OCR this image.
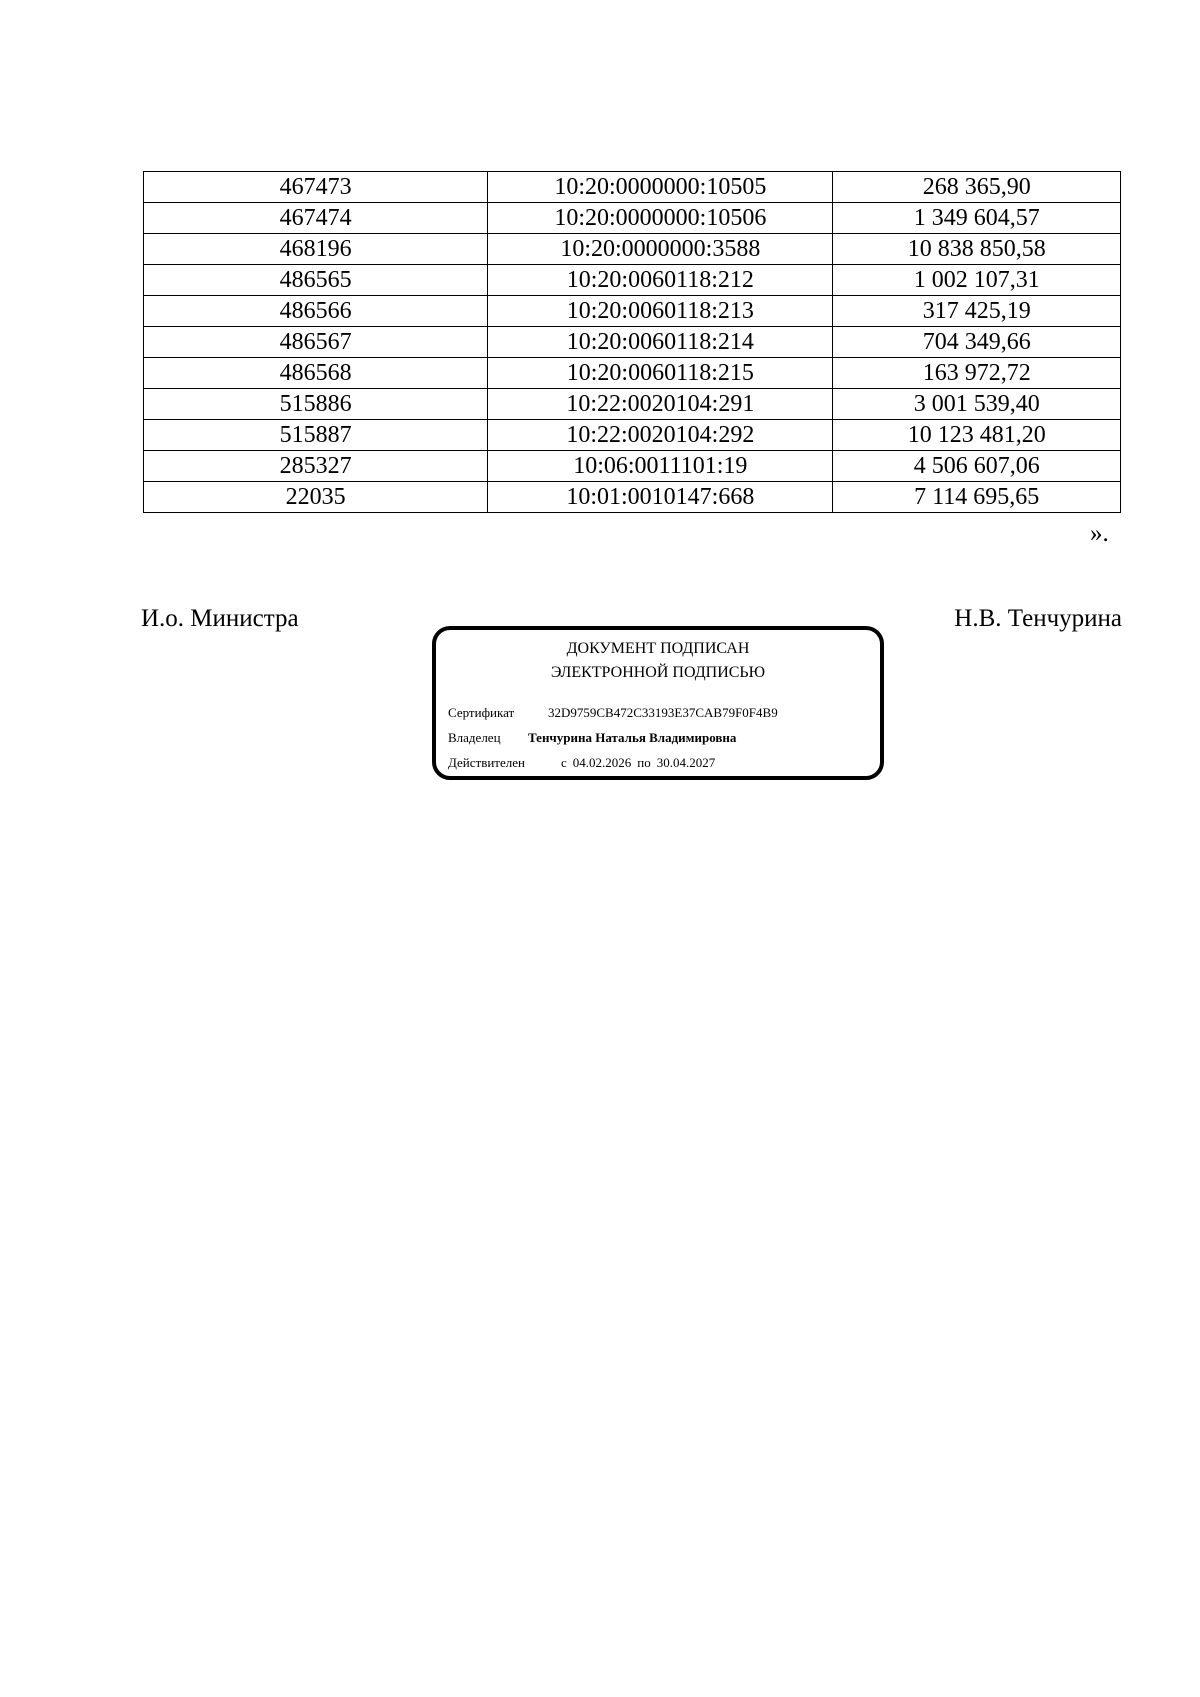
467473	10:20:0000000:10505	268 365,90
467474	10:20:0000000:10506	1 349 604,57
468196	10:20:0000000:3588	10 838 850,58
486565	10:20:0060118:212	1 002 107,31
486566	10:20:0060118:213	317 425,19
486567	10:20:0060118:214	704 349,66
486568	10:20:0060118:215	163 972,72
515886	10:22:0020104:291	3 001 539,40
515887	10:22:0020104:292	10 123 481,20
285327	10:06:0011101:19	4 506 607,06
22035	10:01:0010147:668	7 114 695,65
».
И.о. Министра	Н.В. Тенчурина
ДОКУМЕНТ ПОДПИСАН
ЭЛЕКТРОННОЙ ПОДПИСЬЮ
Сертификат	32D9759CB472C33193E37CAB79F0F4B9
Владелец Тенчурина Наталья Владимировна
Действителен	с 04.02.2026 по 30.04.2027
